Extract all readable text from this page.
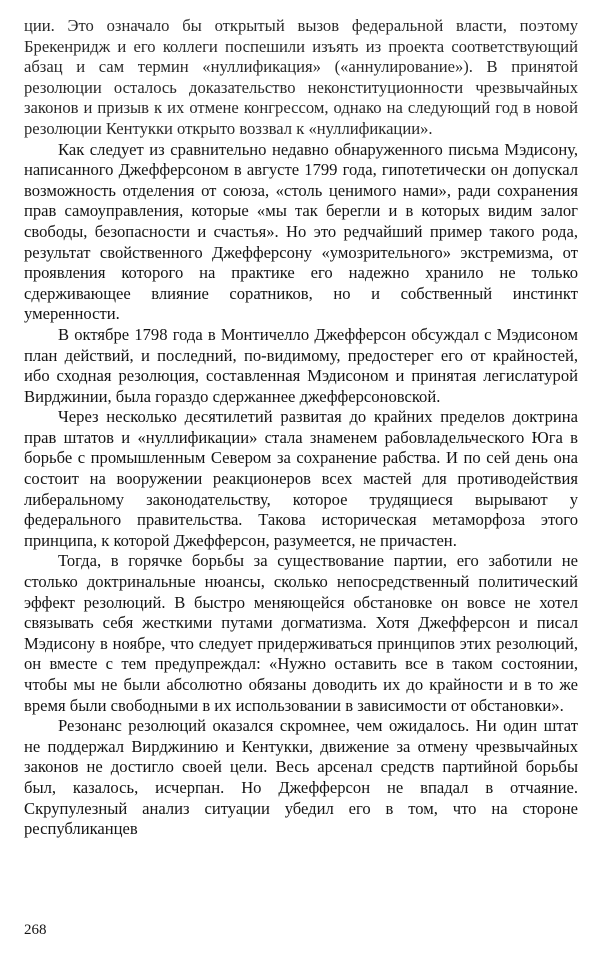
ции. Это означало бы открытый вызов федеральной власти, поэтому Брекенридж и его коллеги поспешили изъять из проекта соответствующий абзац и сам термин «нуллификация» («аннулирование»). В принятой резолюции осталось доказательство неконституционности чрезвычайных законов и призыв к их отмене конгрессом, однако на следующий год в новой резолюции Кентукки открыто воззвал к «нуллификации».

Как следует из сравнительно недавно обнаруженного письма Мэдисону, написанного Джефферсоном в августе 1799 года, гипотетически он допускал возможность отделения от союза, «столь ценимого нами», ради сохранения прав самоуправления, которые «мы так берегли и в которых видим залог свободы, безопасности и счастья». Но это редчайший пример такого рода, результат свойственного Джефферсону «умозрительного» экстремизма, от проявления которого на практике его надежно хранило не только сдерживающее влияние соратников, но и собственный инстинкт умеренности.

В октябре 1798 года в Монтичелло Джефферсон обсуждал с Мэдисоном план действий, и последний, по-видимому, предостерег его от крайностей, ибо сходная резолюция, составленная Мэдисоном и принятая легислатурой Вирджинии, была гораздо сдержаннее джефферсоновской.

Через несколько десятилетий развитая до крайних пределов доктрина прав штатов и «нуллификации» стала знаменем рабовладельческого Юга в борьбе с промышленным Севером за сохранение рабства. И по сей день она состоит на вооружении реакционеров всех мастей для противодействия либеральному законодательству, которое трудящиеся вырывают у федерального правительства. Такова историческая метаморфоза этого принципа, к которой Джефферсон, разумеется, не причастен.

Тогда, в горячке борьбы за существование партии, его заботили не столько доктринальные нюансы, сколько непосредственный политический эффект резолюций. В быстро меняющейся обстановке он вовсе не хотел связывать себя жесткими путами догматизма. Хотя Джефферсон и писал Мэдисону в ноябре, что следует придерживаться принципов этих резолюций, он вместе с тем предупреждал: «Нужно оставить все в таком состоянии, чтобы мы не были абсолютно обязаны доводить их до крайности и в то же время были свободными в их использовании в зависимости от обстановки».

Резонанс резолюций оказался скромнее, чем ожидалось. Ни один штат не поддержал Вирджинию и Кентукки, движение за отмену чрезвычайных законов не достигло своей цели. Весь арсенал средств партийной борьбы был, казалось, исчерпан. Но Джефферсон не впадал в отчаяние. Скрупулезный анализ ситуации убедил его в том, что на стороне республиканцев

268
